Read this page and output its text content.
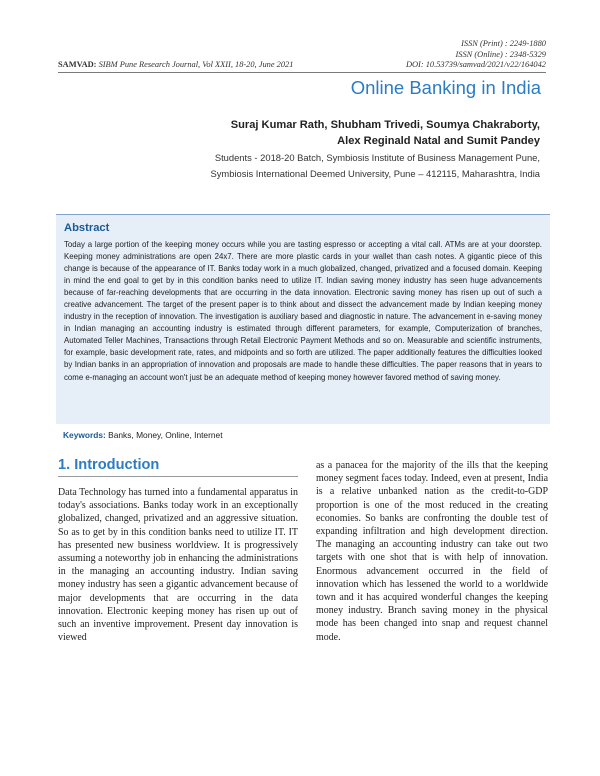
ISSN (Print) : 2249-1880
ISSN (Online) : 2348-5329
SAMVAD: SIBM Pune Research Journal, Vol XXII, 18-20, June 2021	DOI: 10.53739/samvad/2021/v22/164042
Online Banking in India
Suraj Kumar Rath, Shubham Trivedi, Soumya Chakraborty,
Alex Reginald Natal and Sumit Pandey
Students - 2018-20 Batch, Symbiosis Institute of Business Management Pune,
Symbiosis International Deemed University, Pune – 412115, Maharashtra, India
Abstract

Today a large portion of the keeping money occurs while you are tasting espresso or accepting a vital call. ATMs are at your doorstep. Keeping money administrations are open 24x7. There are more plastic cards in your wallet than cash notes. A gigantic piece of this change is because of the appearance of IT. Banks today work in a much globalized, changed, privatized and a focused domain. Keeping in mind the end goal to get by in this condition banks need to utilize IT. Indian saving money industry has seen huge advancements because of far-reaching developments that are occurring in the data innovation. Electronic saving money has risen up out of such a creative advancement. The target of the present paper is to think about and dissect the advancement made by Indian keeping money industry in the reception of innovation. The investigation is auxiliary based and diagnostic in nature. The advancement in e-saving money in Indian managing an accounting industry is estimated through different parameters, for example, Computerization of branches, Automated Teller Machines, Transactions through Retail Electronic Payment Methods and so on. Measurable and scientific instruments, for example, basic development rate, rates, and midpoints and so forth are utilized. The paper additionally features the difficulties looked by Indian banks in an appropriation of innovation and proposals are made to handle these difficulties. The paper reasons that in years to come e-managing an account won't just be an adequate method of keeping money however favored method of saving money.

Keywords: Banks, Money, Online, Internet
1. Introduction

Data Technology has turned into a fundamental apparatus in today's associations. Banks today work in an exceptionally globalized, changed, privatized and an aggressive situation. So as to get by in this condition banks need to utilize IT. IT has presented new business worldview. It is progressively assuming a noteworthy job in enhancing the administrations in the managing an accounting industry. Indian saving money industry has seen a gigantic advancement because of major developments that are occurring in the data innovation. Electronic keeping money has risen up out of such an inventive improvement. Present day innovation is viewed

as a panacea for the majority of the ills that the keeping money segment faces today. Indeed, even at present, India is a relative unbanked nation as the credit-to-GDP proportion is one of the most reduced in the creating economies. So banks are confronting the double test of expanding infiltration and high development direction. The managing an accounting industry can take out two targets with one shot that is with help of innovation. Enormous advancement occurred in the field of innovation which has lessened the world to a worldwide town and it has acquired wonderful changes the keeping money industry. Branch saving money in the physical mode has been changed into snap and request channel mode.
